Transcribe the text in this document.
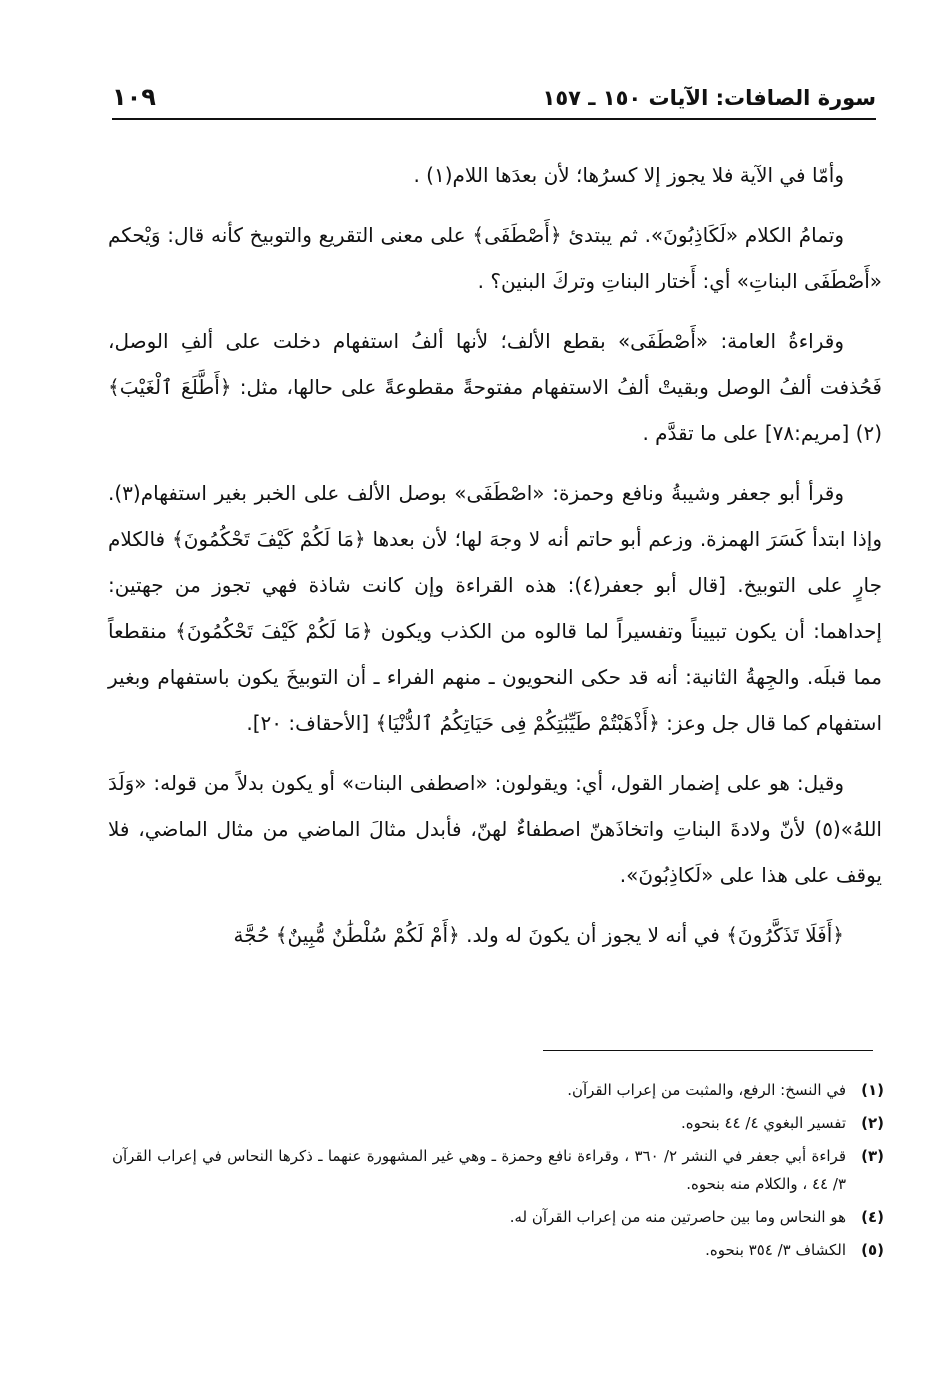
سورة الصافات: الآيات ١٥٠ ـ ١٥٧
١٠٩

وأمّا في الآية فلا يجوز إلا كسرُها؛ لأن بعدَها اللام(١) .

وتمامُ الكلام «لَكَاذِبُونَ». ثم يبتدئ ﴿أَصْطَفَى﴾ على معنى التقريع والتوبيخ كأنه قال: وَيْحكم «أَصْطَفَى البناتِ» أي: أَختار البناتِ وتركَ البنين؟ .

وقراءةُ العامة: «أَصْطَفَى» بقطع الألف؛ لأنها ألفُ استفهام دخلت على ألفِ الوصل، فَحُذفت ألفُ الوصل وبقيتْ ألفُ الاستفهام مفتوحةً مقطوعةً على حالها، مثل: ﴿أَطَّلَعَ ٱلْغَيْبَ﴾(٢) [مريم:٧٨] على ما تقدَّم .

وقرأ أبو جعفر وشيبةُ ونافع وحمزة: «اصْطَفَى» بوصل الألف على الخبر بغير استفهام(٣). وإذا ابتدأ كَسَرَ الهمزة. وزعم أبو حاتم أنه لا وجهَ لها؛ لأن بعدها ﴿مَا لَكُمْ كَيْفَ تَحْكُمُونَ﴾ فالكلام جارٍ على التوبيخ. [قال أبو جعفر(٤): هذه القراءة وإن كانت شاذة فهي تجوز من جهتين: إحداهما: أن يكون تبييناً وتفسيراً لما قالوه من الكذب ويكون ﴿مَا لَكُمْ كَيْفَ تَحْكُمُونَ﴾ منقطعاً مما قبلَه. والجِهةُ الثانية: أنه قد حكى النحويون ـ منهم الفراء ـ أن التوبيخَ يكون باستفهام وبغير استفهام كما قال جل وعز: ﴿أَذْهَبْتُمْ طَيِّبَٰتِكُمْ فِى حَيَاتِكُمُ ٱلدُّنْيَا﴾ [الأحقاف: ٢٠].

وقيل: هو على إضمار القول، أي: ويقولون: «اصطفى البنات» أو يكون بدلاً من قوله: «وَلَدَ اللهُ»(٥) لأنّ ولادةَ البناتِ واتخاذَهنّ اصطفاءٌ لهنّ، فأبدل مثالَ الماضي من مثال الماضي، فلا يوقف على هذا على «لَكاذِبُونَ».

﴿أَفَلَا تَذَكَّرُونَ﴾ في أنه لا يجوز أن يكونَ له ولد. ﴿أَمْ لَكُمْ سُلْطَٰنٌ مُّبِينٌ﴾ حُجَّة

(١)
في النسخ: الرفع، والمثبت من إعراب القرآن.
(٢)
تفسير البغوي ٤/ ٤٤ بنحوه.
(٣)
قراءة أبي جعفر في النشر ٢/ ٣٦٠ ، وقراءة نافع وحمزة ـ وهي غير المشهورة عنهما ـ ذكرها النحاس في إعراب القرآن ٣/ ٤٤ ، والكلام منه بنحوه.
(٤)
هو النحاس وما بين حاصرتين منه من إعراب القرآن له.
(٥)
الكشاف ٣/ ٣٥٤ بنحوه.
